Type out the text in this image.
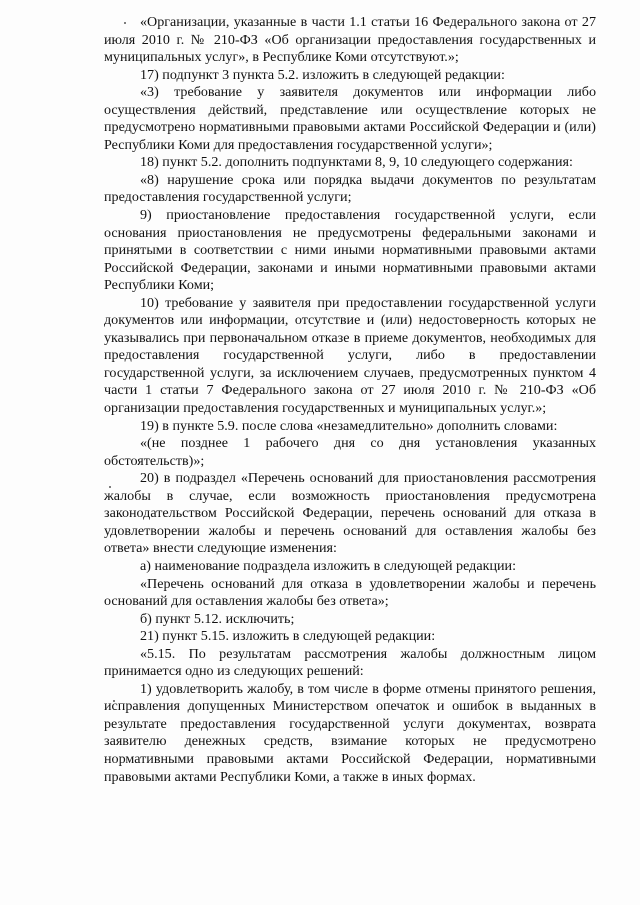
«Организации, указанные в части 1.1 статьи 16 Федерального закона от 27 июля 2010 г. № 210-ФЗ «Об организации предоставления государственных и муниципальных услуг», в Республике Коми отсутствуют.»;

17) подпункт 3 пункта 5.2. изложить в следующей редакции:

«3) требование у заявителя документов или информации либо осуществления действий, представление или осуществление которых не предусмотрено нормативными правовыми актами Российской Федерации и (или) Республики Коми для предоставления государственной услуги»;

18) пункт 5.2. дополнить подпунктами 8, 9, 10 следующего содержания:

«8) нарушение срока или порядка выдачи документов по результатам предоставления государственной услуги;

9) приостановление предоставления государственной услуги, если основания приостановления не предусмотрены федеральными законами и принятыми в соответствии с ними иными нормативными правовыми актами Российской Федерации, законами и иными нормативными правовыми актами Республики Коми;

10) требование у заявителя при предоставлении государственной услуги документов или информации, отсутствие и (или) недостоверность которых не указывались при первоначальном отказе в приеме документов, необходимых для предоставления государственной услуги, либо в предоставлении государственной услуги, за исключением случаев, предусмотренных пунктом 4 части 1 статьи 7 Федерального закона от 27 июля 2010 г. № 210-ФЗ «Об организации предоставления государственных и муниципальных услуг.»;

19) в пункте 5.9. после слова «незамедлительно» дополнить словами:

«(не позднее 1 рабочего дня со дня установления указанных обстоятельств)»;

20) в подраздел «Перечень оснований для приостановления рассмотрения жалобы в случае, если возможность приостановления предусмотрена законодательством Российской Федерации, перечень оснований для отказа в удовлетворении жалобы и перечень оснований для оставления жалобы без ответа» внести следующие изменения:

а) наименование подраздела изложить в следующей редакции:

«Перечень оснований для отказа в удовлетворении жалобы и перечень оснований для оставления жалобы без ответа»;

б) пункт 5.12. исключить;

21) пункт 5.15. изложить в следующей редакции:

«5.15. По результатам рассмотрения жалобы должностным лицом принимается одно из следующих решений:

1) удовлетворить жалобу, в том числе в форме отмены принятого решения, исправления допущенных Министерством опечаток и ошибок в выданных в результате предоставления государственной услуги документах, возврата заявителю денежных средств, взимание которых не предусмотрено нормативными правовыми актами Российской Федерации, нормативными правовыми актами Республики Коми, а также в иных формах.
